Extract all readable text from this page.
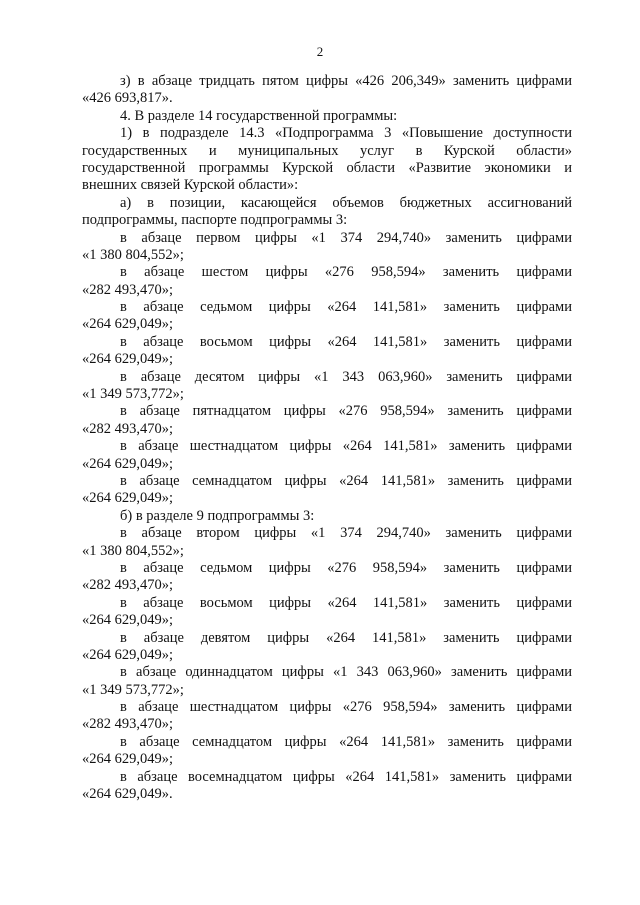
2

з) в абзаце тридцать пятом цифры «426 206,349» заменить цифрами

«426 693,817».

4. В разделе 14 государственной программы:

1) в подразделе 14.3 «Подпрограмма 3 «Повышение доступности

государственных и муниципальных услуг в Курской области»

государственной программы Курской области «Развитие экономики и

внешних связей Курской области»:

а) в позиции, касающейся объемов бюджетных ассигнований

подпрограммы, паспорте подпрограммы 3:

в абзаце первом цифры «1 374 294,740» заменить цифрами

«1 380 804,552»;

в абзаце шестом цифры «276 958,594» заменить цифрами

«282 493,470»;

в абзаце седьмом цифры «264 141,581» заменить цифрами

«264 629,049»;

в абзаце восьмом цифры «264 141,581» заменить цифрами

«264 629,049»;

в абзаце десятом цифры «1 343 063,960» заменить цифрами

«1 349 573,772»;

в абзаце пятнадцатом цифры «276 958,594» заменить цифрами

«282 493,470»;

в абзаце шестнадцатом цифры «264 141,581» заменить цифрами

«264 629,049»;

в абзаце семнадцатом цифры «264 141,581» заменить цифрами

«264 629,049»;

б) в разделе 9 подпрограммы 3:

в абзаце втором цифры «1 374 294,740» заменить цифрами

«1 380 804,552»;

в абзаце седьмом цифры «276 958,594» заменить цифрами

«282 493,470»;

в абзаце восьмом цифры «264 141,581» заменить цифрами

«264 629,049»;

в абзаце девятом цифры «264 141,581» заменить цифрами

«264 629,049»;

в абзаце одиннадцатом цифры «1 343 063,960» заменить цифрами

«1 349 573,772»;

в абзаце шестнадцатом цифры «276 958,594» заменить цифрами

«282 493,470»;

в абзаце семнадцатом цифры «264 141,581» заменить цифрами

«264 629,049»;

в абзаце восемнадцатом цифры «264 141,581» заменить цифрами

«264 629,049».
